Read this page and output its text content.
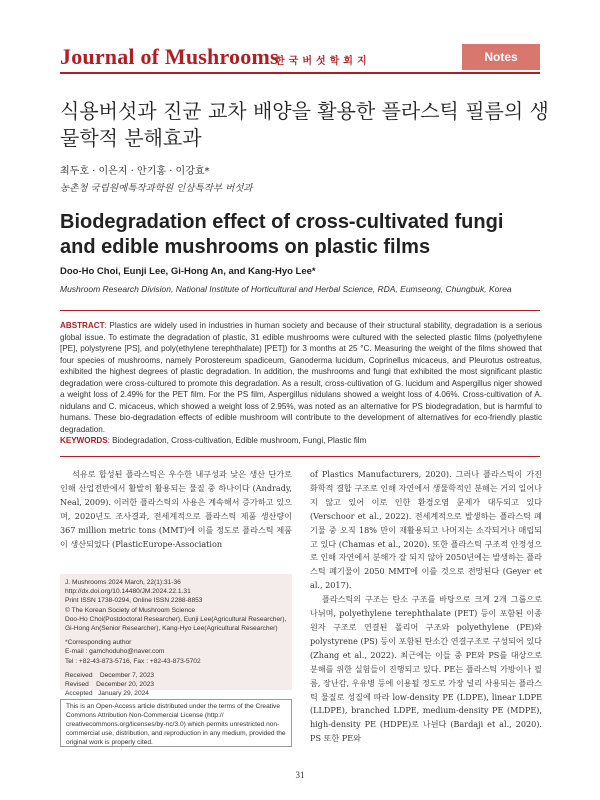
Journal of Mushrooms
한국버섯학회지	Notes
식용버섯과 진균 교차 배양을 활용한 플라스틱 필름의 생물학적 분해효과
최두호 · 이은지 · 안기홍 · 이강효*
농촌청 국립원예특작과학원 인삼특작부 버섯과
Biodegradation effect of cross-cultivated fungi and edible mushrooms on plastic films
Doo-Ho Choi, Eunji Lee, Gi-Hong An, and Kang-Hyo Lee*
Mushroom Research Division, National Institute of Horticultural and Herbal Science, RDA, Eumseong, Chungbuk, Korea
ABSTRACT: Plastics are widely used in industries in human society and because of their structural stability, degradation is a serious global issue. To estimate the degradation of plastic, 31 edible mushrooms were cultured with the selected plastic films (polyethylene [PE], polystyrene [PS], and poly(ethylene terephthalate) [PET]) for 3 months at 25 °C. Measuring the weight of the films showed that four species of mushrooms, namely Porostereum spadiceum, Ganoderma lucidum, Coprinellus micaceus, and Pleurotus ostreatus, exhibited the highest degrees of plastic degradation. In addition, the mushrooms and fungi that exhibited the most significant plastic degradation were cross-cultured to promote this degradation. As a result, cross-cultivation of G. lucidum and Aspergillus niger showed a weight loss of 2.49% for the PET film. For the PS film, Aspergillus nidulans showed a weight loss of 4.06%. Cross-cultivation of A. nidulans and C. micaceus, which showed a weight loss of 2.95%, was noted as an alternative for PS biodegradation, but is harmful to humans. These bio-degradation effects of edible mushroom will contribute to the development of alternatives for eco-friendly plastic degradation.
KEYWORDS: Biodegradation, Cross-cultivation, Edible mushroom, Fungi, Plastic film

석유로 합성된 플라스틱은 우수한 내구성과 낮은 생산 단가로 인해 산업전반에서 활발히 활용되는 물질 중 하나이다 (Andrady, Neal, 2009). 이러한 플라스틱의 사용은 계속해서 증가하고 있으며, 2020년도 조사결과, 전세계적으로 플라스틱 제품 생산량이 367 million metric tons (MMT)에 이를 정도로 플라스틱 제품이 생산되었다 (PlasticEurope-Association

of Plastics Manufacturers, 2020). 그러나 플라스틱이 가진 화학적 결합 구조로 인해 자연에서 생물학적인 분해는 거의 일어나지 않고 있어 이로 인한 환경오염 문제가 대두되고 있다 (Verschoor et al., 2022). 전세계적으로 발생하는 플라스틱 폐기물 중 오직 18% 만이 재활용되고 나머지는 소각되거나 매립되고 있다 (Chamas et al., 2020). 또한 플라스틱 구조적 안정성으로 인해 자연에서 분해가 잘 되지 않아 2050년에는 발생하는 플라스틱 폐기물이 2050 MMT에 이를 것으로 전망된다 (Geyer et al., 2017).

플라스틱의 구조는 탄소 구조를 바탕으로 크게 2개 그룹으로 나뉘며, polyethylene terephthalate (PET) 등이 포함된 이종원자 구조로 연결된 폴리머 구조와 polyethylene (PE)와 polystyrene (PS) 등이 포함된 탄소간 연결구조로 구성되어 있다 (Zhang et al., 2022). 최근에는 이들 중 PE와 PS를 대상으로 분해를 위한 실험들이 진행되고 있다. PE는 플라스틱 가방이나 필름, 장난감, 우유병 등에 이용될 정도로 가장 널리 사용되는 플라스틱 물질로 성질에 따라 low-density PE (LDPE), linear LDPE (LLDPE), branched LDPE, medium-density PE (MDPE), high-density PE (HDPE)로 나뉜다 (Bardaji et al., 2020). PS 또한 PE와

J. Mushrooms 2024 March, 22(1):31-36
http://dx.doi.org/10.14480/JM.2024.22.1.31
Print ISSN 1738-0294, Online ISSN 2288-8853
© The Korean Society of Mushroom Science
Doo-Ho Choi(Postdoctoral Researcher), Eunji Lee(Agricultural Researcher),
Gi-Hong An(Senior Researcher), Kang-Hyo Lee(Agricultural Researcher)
*Corresponding author
E-mail : gamchoduho@naver.com
Tel : +82-43-873-5716, Fax : +82-43-873-5702
Received    December 7, 2023
Revised    December 20, 2023
Accepted   January 29, 2024
This is an Open-Access article distributed under the terms of the Creative Commons Attribution Non-Commercial License (http:// creativecommons.org/licenses/by-nc/3.0) which permits unrestricted non-commercial use, distribution, and reproduction in any medium, provided the original work is properly cited.
31
